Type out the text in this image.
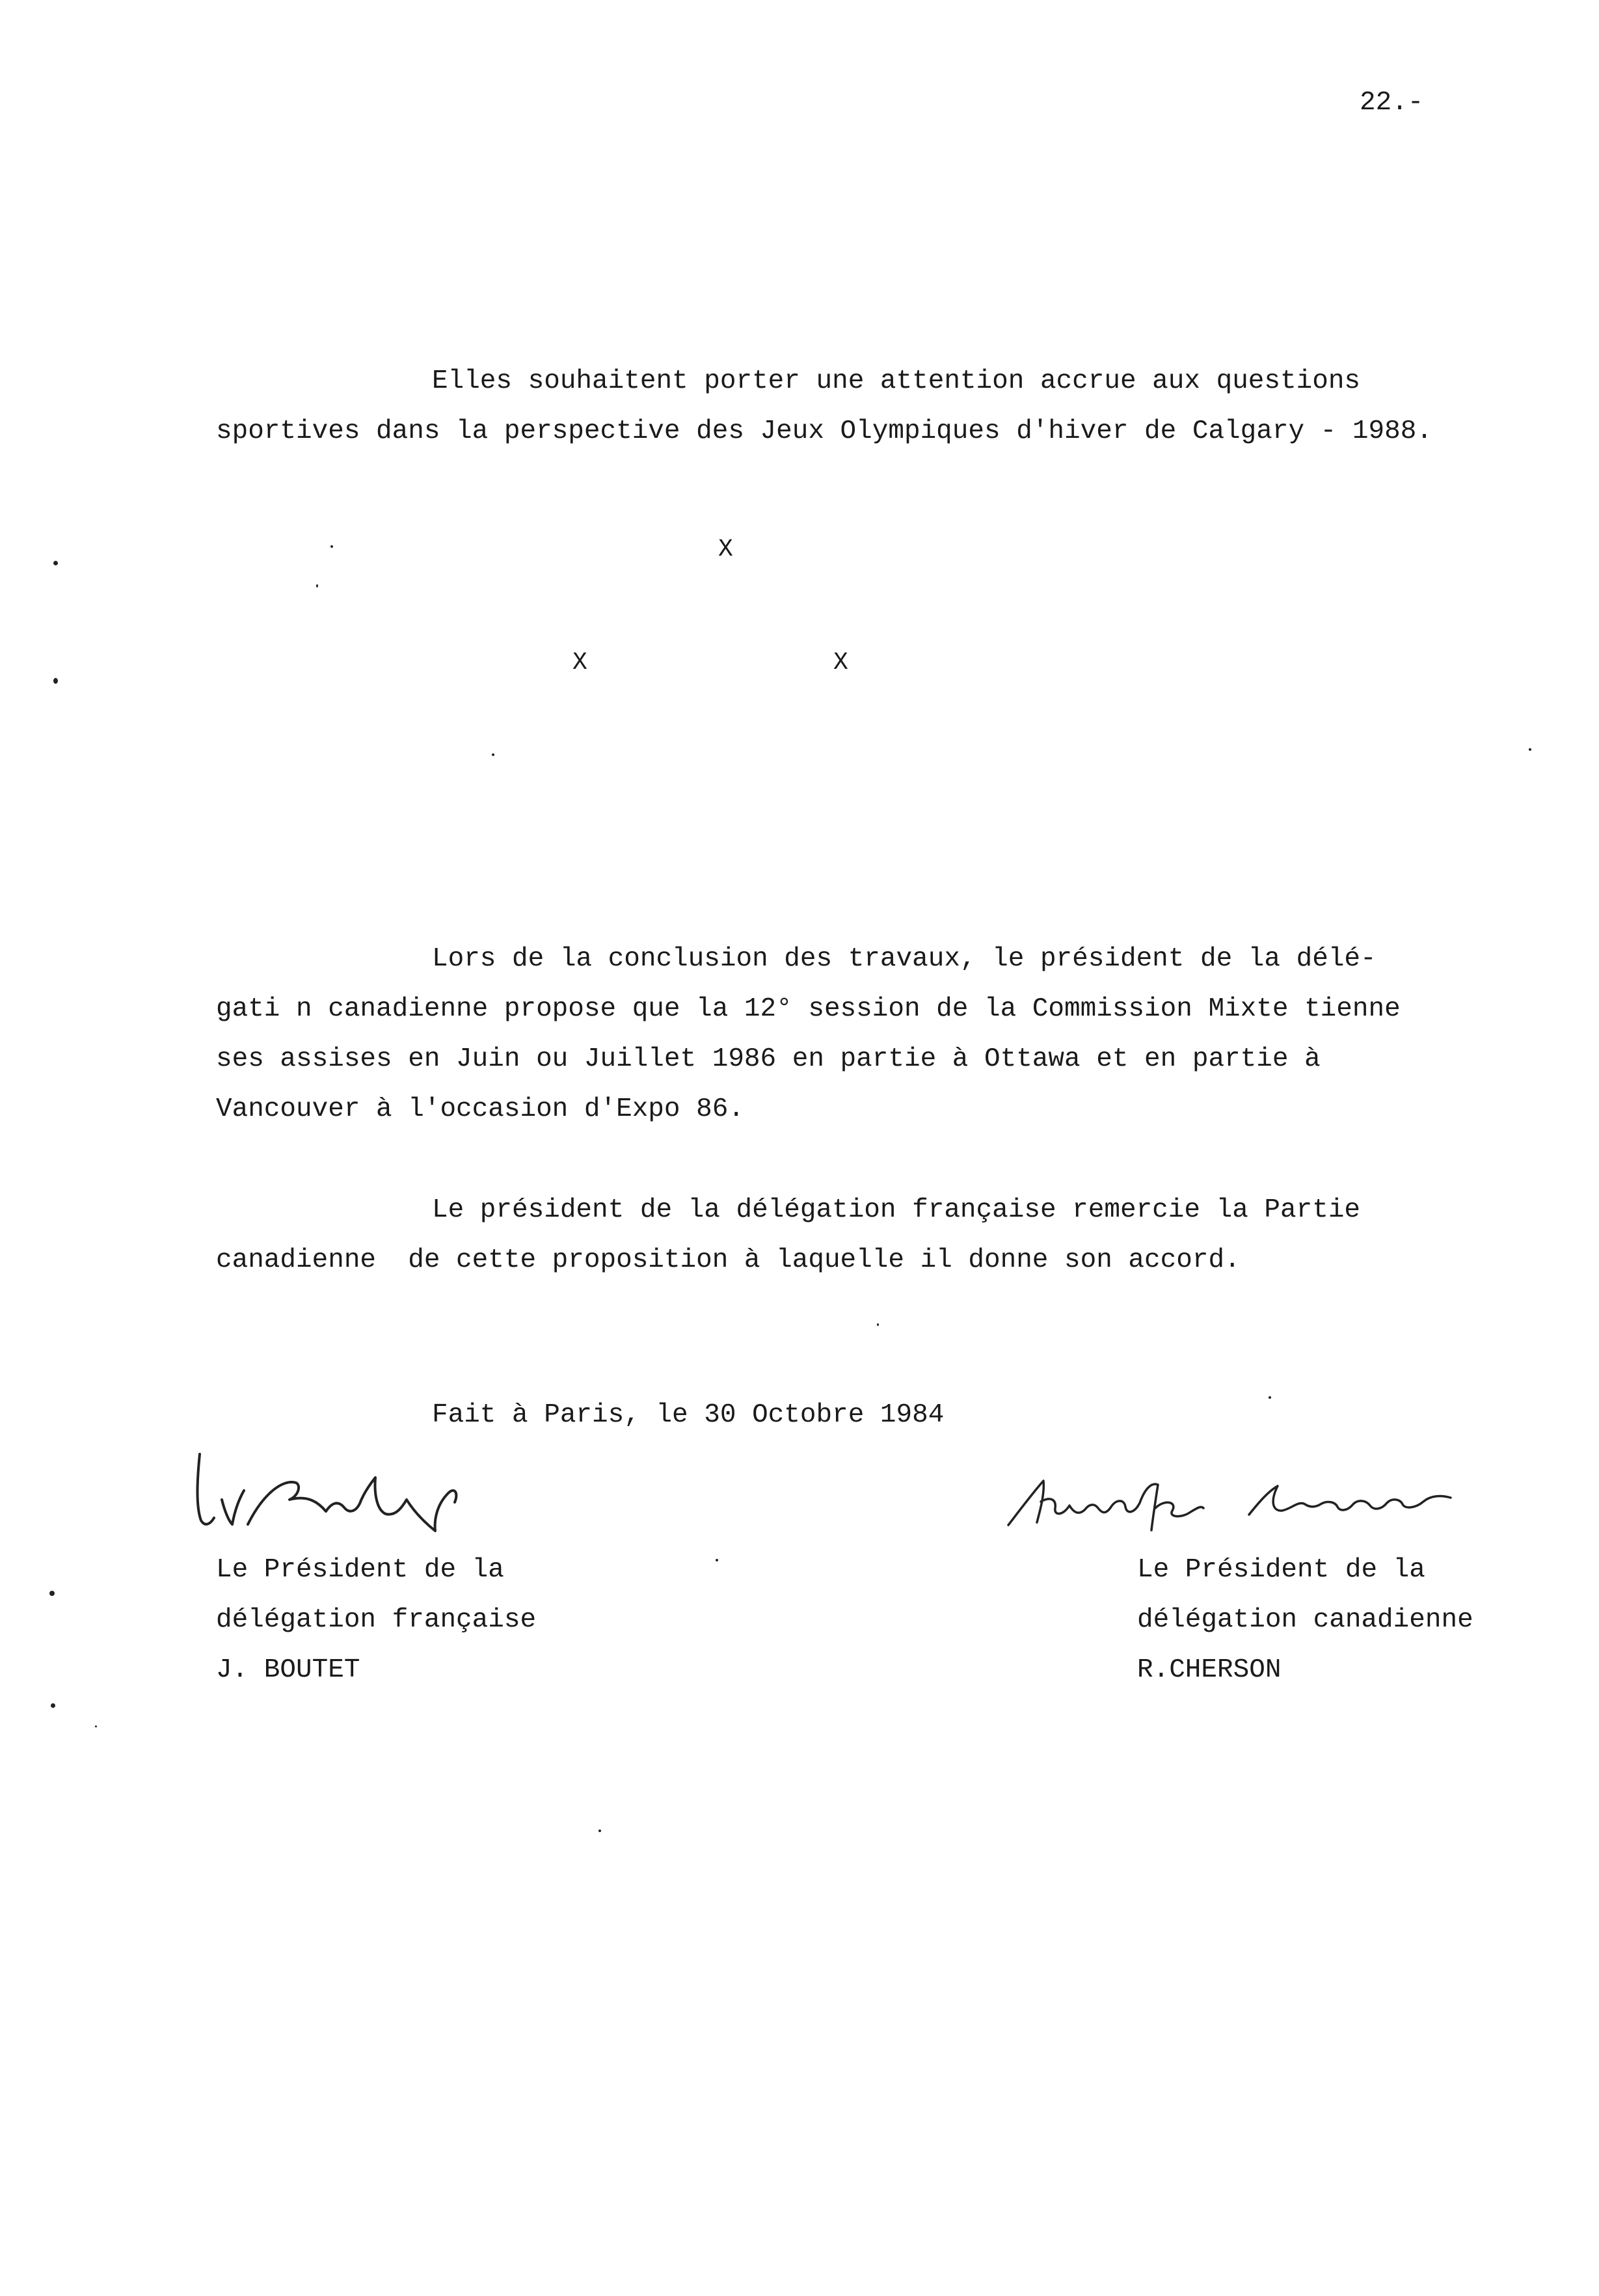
22.-
Elles souhaitent porter une attention accrue aux questions
sportives dans la perspective des Jeux Olympiques d'hiver de Calgary - 1988.
X
X	X
Lors de la conclusion des travaux, le président de la délé-
gati n canadienne propose que la 12° session de la Commission Mixte tienne
ses assises en Juin ou Juillet 1986 en partie à Ottawa et en partie à
Vancouver à l'occasion d'Expo 86.
Le président de la délégation française remercie la Partie
canadienne  de cette proposition à laquelle il donne son accord.
Fait à Paris, le 30 Octobre 1984
Le Président de la
délégation française
J. BOUTET
Le Président de la
délégation canadienne
R.CHERSON
